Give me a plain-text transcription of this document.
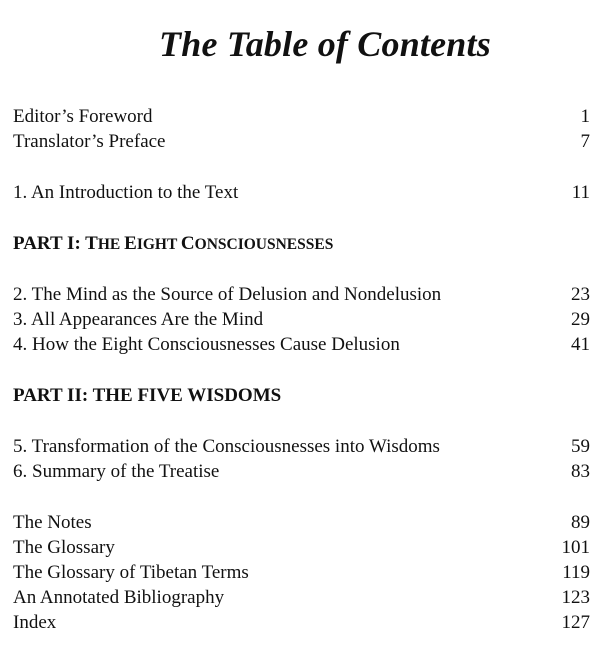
The Table of Contents
Editor’s Foreword	1
Translator’s Preface	7
1. An Introduction to the Text	11
PART I: THE EIGHT CONSCIOUSNESSES
2. The Mind as the Source of Delusion and Nondelusion	23
3. All Appearances Are the Mind	29
4. How the Eight Consciousnesses Cause Delusion	41
PART II: THE FIVE WISDOMS
5. Transformation of the Consciousnesses into Wisdoms	59
6. Summary of the Treatise	83
The Notes	89
The Glossary	101
The Glossary of Tibetan Terms	119
An Annotated Bibliography	123
Index	127
